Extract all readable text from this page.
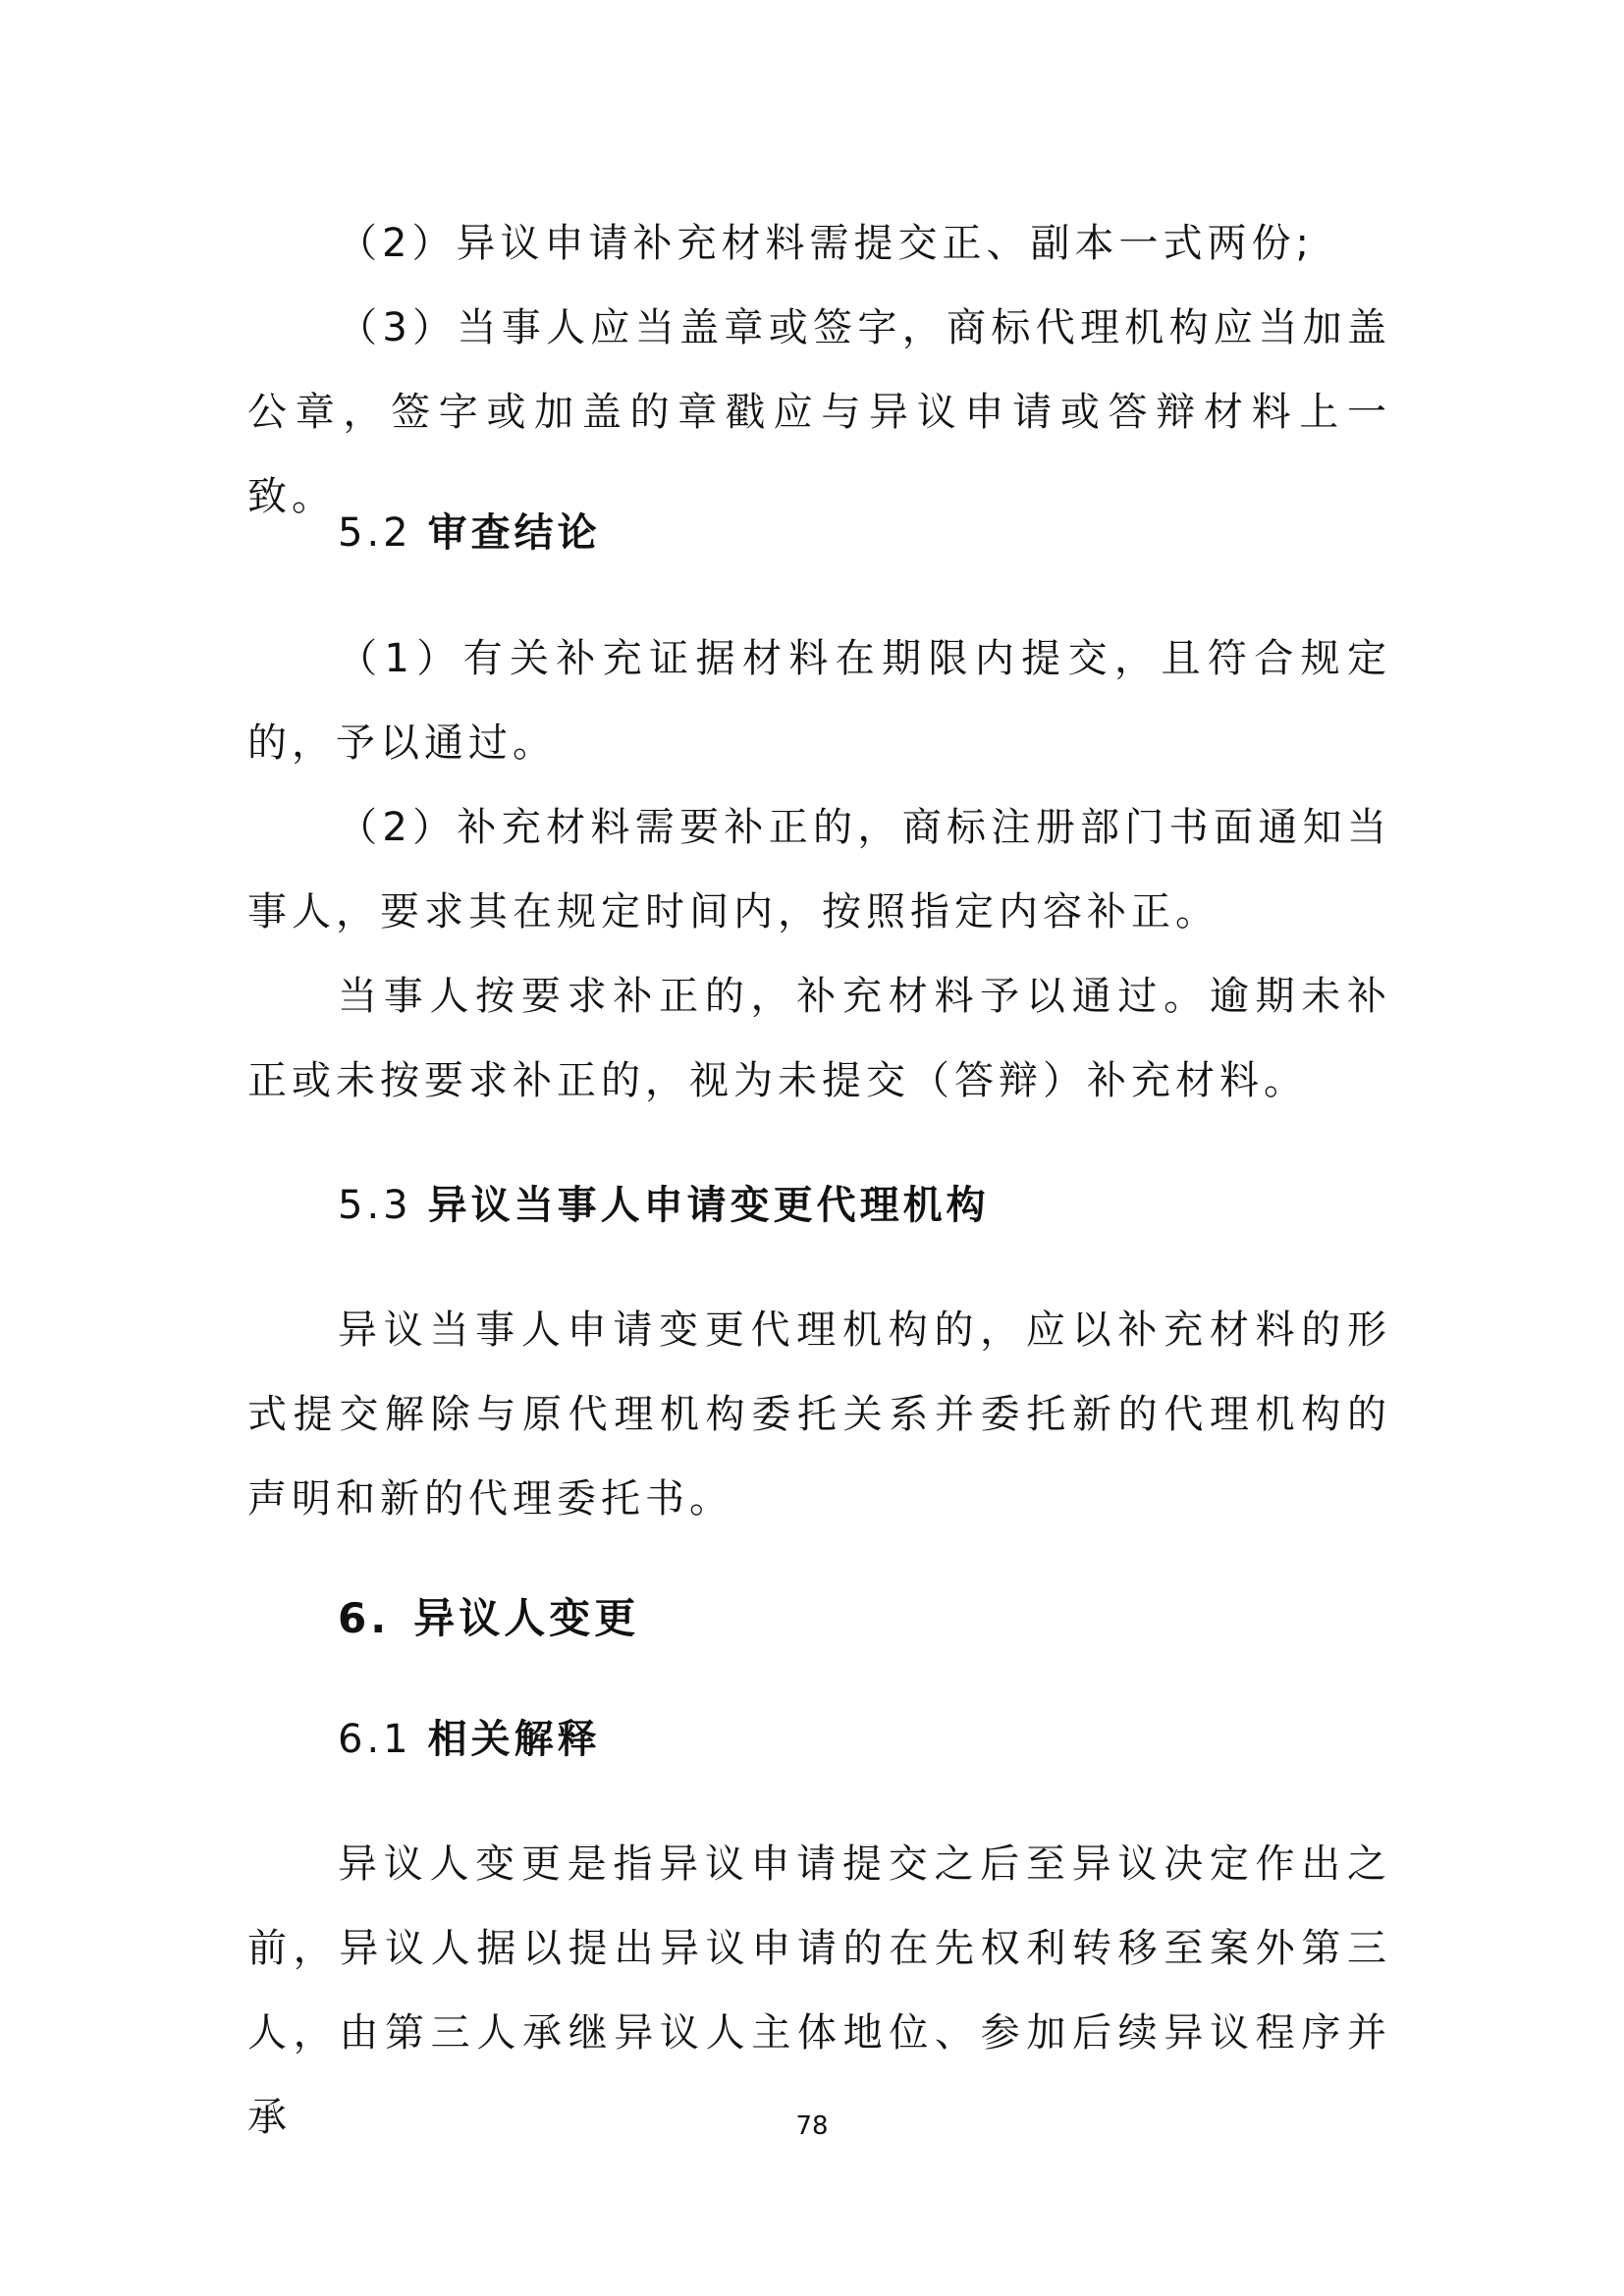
（2）异议申请补充材料需提交正、副本一式两份;

（3）当事人应当盖章或签字，商标代理机构应当加盖公章，签字或加盖的章戳应与异议申请或答辩材料上一致。

5.2 审查结论

（1）有关补充证据材料在期限内提交，且符合规定的，予以通过。

（2）补充材料需要补正的，商标注册部门书面通知当事人，要求其在规定时间内，按照指定内容补正。

当事人按要求补正的，补充材料予以通过。逾期未补正或未按要求补正的，视为未提交（答辩）补充材料。

5.3 异议当事人申请变更代理机构

异议当事人申请变更代理机构的，应以补充材料的形式提交解除与原代理机构委托关系并委托新的代理机构的声明和新的代理委托书。

6. 异议人变更
6.1 相关解释

异议人变更是指异议申请提交之后至异议决定作出之前，异议人据以提出异议申请的在先权利转移至案外第三人，由第三人承继异议人主体地位、参加后续异议程序并承	78
